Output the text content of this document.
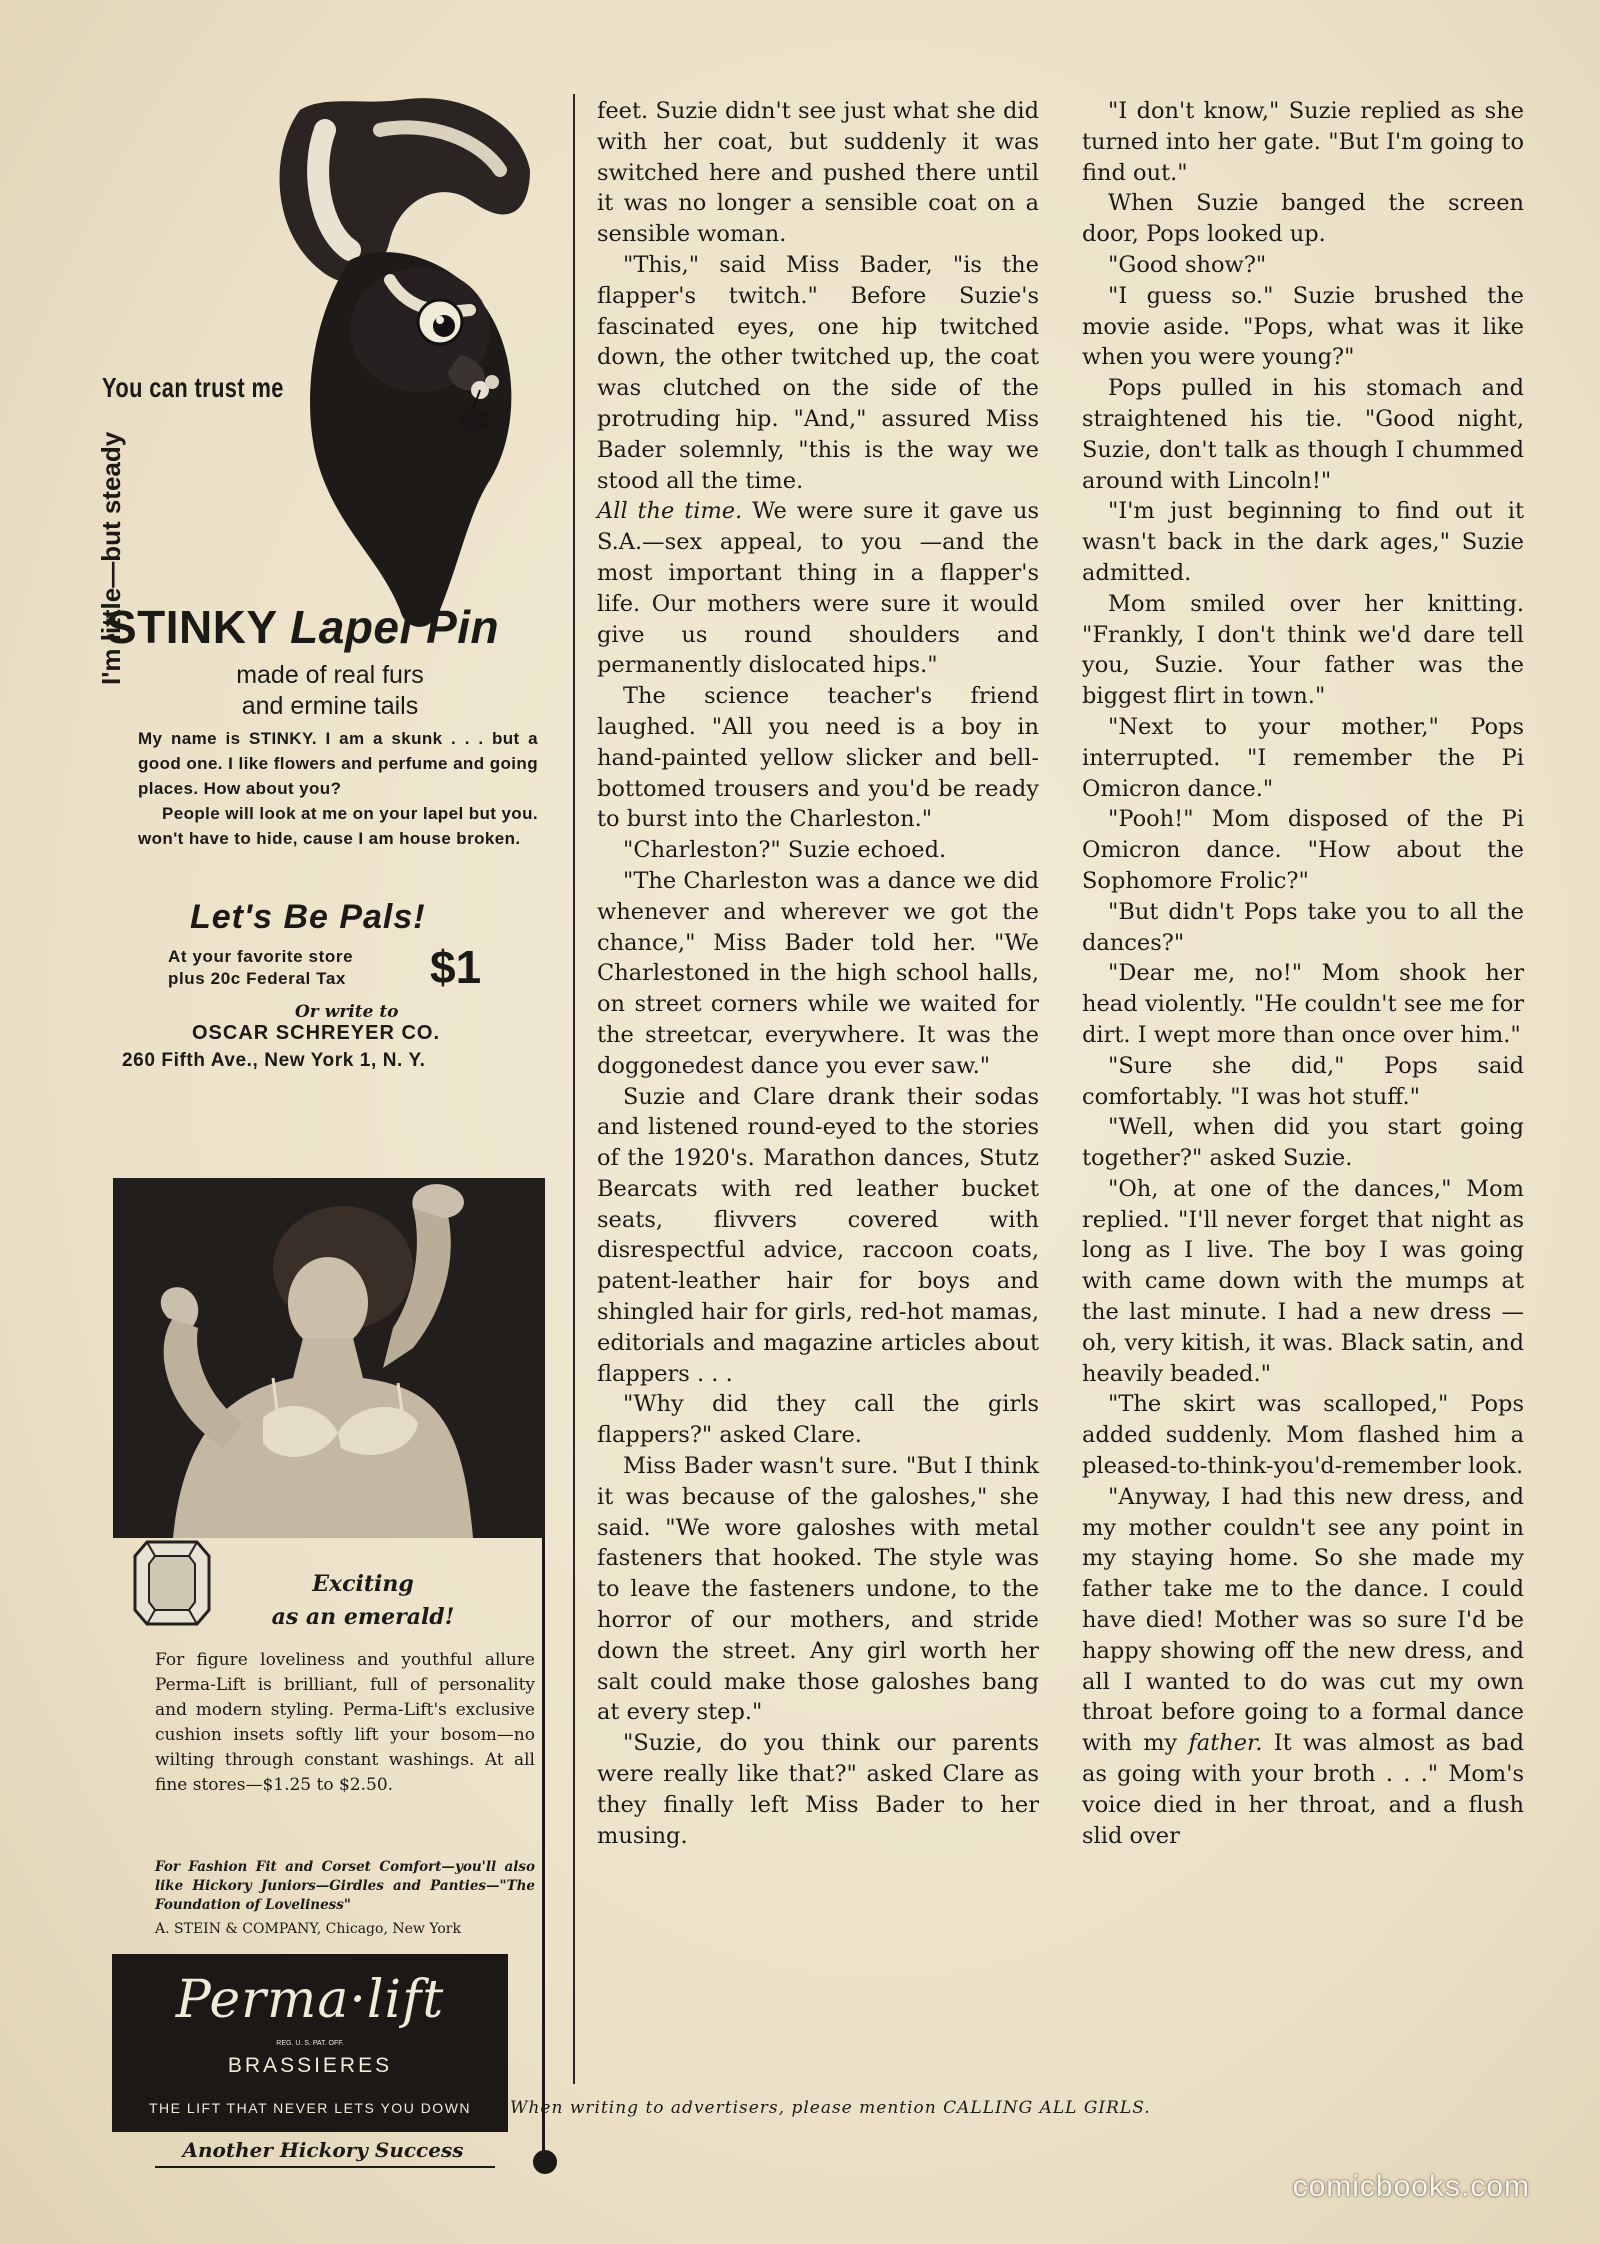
You can trust me
I'm little—but steady
STINKY Lapel Pin
made of real furs
and ermine tails

My name is STINKY. I am a skunk . . . but a good one. I like flowers and perfume and going places. How about you?

People will look at me on your lapel but you. won't have to hide, cause I am house broken.

Let's Be Pals!
At your favorite store
plus 20c Federal Tax $1
Or write to
OSCAR SCHREYER CO.
260 Fifth Ave., New York 1, N. Y.
Exciting
as an emerald!
For figure loveliness and youthful allure Perma-Lift is brilliant, full of personality and modern styling. Perma-Lift's exclusive cushion insets softly lift your bosom—no wilting through constant washings. At all fine stores—$1.25 to $2.50.
For Fashion Fit and Corset Comfort—you'll also like Hickory Juniors—Girdles and Panties—"The Foundation of Loveliness"
A. STEIN & COMPANY, Chicago, New York
Perma·lift
REG. U. S. PAT. OFF.
BRASSIERES
THE LIFT THAT NEVER LETS YOU DOWN
Another Hickory Success

feet. Suzie didn't see just what she did with her coat, but suddenly it was switched here and pushed there until it was no longer a sensible coat on a sensible woman.

"This," said Miss Bader, "is the flapper's twitch." Before Suzie's fascinated eyes, one hip twitched down, the other twitched up, the coat was clutched on the side of the protruding hip. "And," assured Miss Bader solemnly, "this is the way we stood all the time.

All the time. We were sure it gave us S.A.—sex appeal, to you —and the most important thing in a flapper's life. Our mothers were sure it would give us round shoulders and permanently dislocated hips."

The science teacher's friend laughed. "All you need is a boy in hand-painted yellow slicker and bell-bottomed trousers and you'd be ready to burst into the Charleston."

"Charleston?" Suzie echoed.

"The Charleston was a dance we did whenever and wherever we got the chance," Miss Bader told her. "We Charlestoned in the high school halls, on street corners while we waited for the streetcar, everywhere. It was the doggonedest dance you ever saw."

Suzie and Clare drank their sodas and listened round-eyed to the stories of the 1920's. Marathon dances, Stutz Bearcats with red leather bucket seats, flivvers covered with disrespectful advice, raccoon coats, patent-leather hair for boys and shingled hair for girls, red-hot mamas, editorials and magazine articles about flappers . . .

"Why did they call the girls flappers?" asked Clare.

Miss Bader wasn't sure. "But I think it was because of the galoshes," she said. "We wore galoshes with metal fasteners that hooked. The style was to leave the fasteners undone, to the horror of our mothers, and stride down the street. Any girl worth her salt could make those galoshes bang at every step."

"Suzie, do you think our parents were really like that?" asked Clare as they finally left Miss Bader to her musing.

"I don't know," Suzie replied as she turned into her gate. "But I'm going to find out."

When Suzie banged the screen door, Pops looked up.

"Good show?"

"I guess so." Suzie brushed the movie aside. "Pops, what was it like when you were young?"

Pops pulled in his stomach and straightened his tie. "Good night, Suzie, don't talk as though I chummed around with Lincoln!"

"I'm just beginning to find out it wasn't back in the dark ages," Suzie admitted.

Mom smiled over her knitting. "Frankly, I don't think we'd dare tell you, Suzie. Your father was the biggest flirt in town."

"Next to your mother," Pops interrupted. "I remember the Pi Omicron dance."

"Pooh!" Mom disposed of the Pi Omicron dance. "How about the Sophomore Frolic?"

"But didn't Pops take you to all the dances?"

"Dear me, no!" Mom shook her head violently. "He couldn't see me for dirt. I wept more than once over him."

"Sure she did," Pops said comfortably. "I was hot stuff."

"Well, when did you start going together?" asked Suzie.

"Oh, at one of the dances," Mom replied. "I'll never forget that night as long as I live. The boy I was going with came down with the mumps at the last minute. I had a new dress —oh, very kitish, it was. Black satin, and heavily beaded."

"The skirt was scalloped," Pops added suddenly. Mom flashed him a pleased-to-think-you'd-remember look.

"Anyway, I had this new dress, and my mother couldn't see any point in my staying home. So she made my father take me to the dance. I could have died! Mother was so sure I'd be happy showing off the new dress, and all I wanted to do was cut my own throat before going to a formal dance with my father. It was almost as bad as going with your broth . . ." Mom's voice died in her throat, and a flush slid over

54	When writing to advertisers, please mention CALLING ALL GIRLS.
comicbooks.com
